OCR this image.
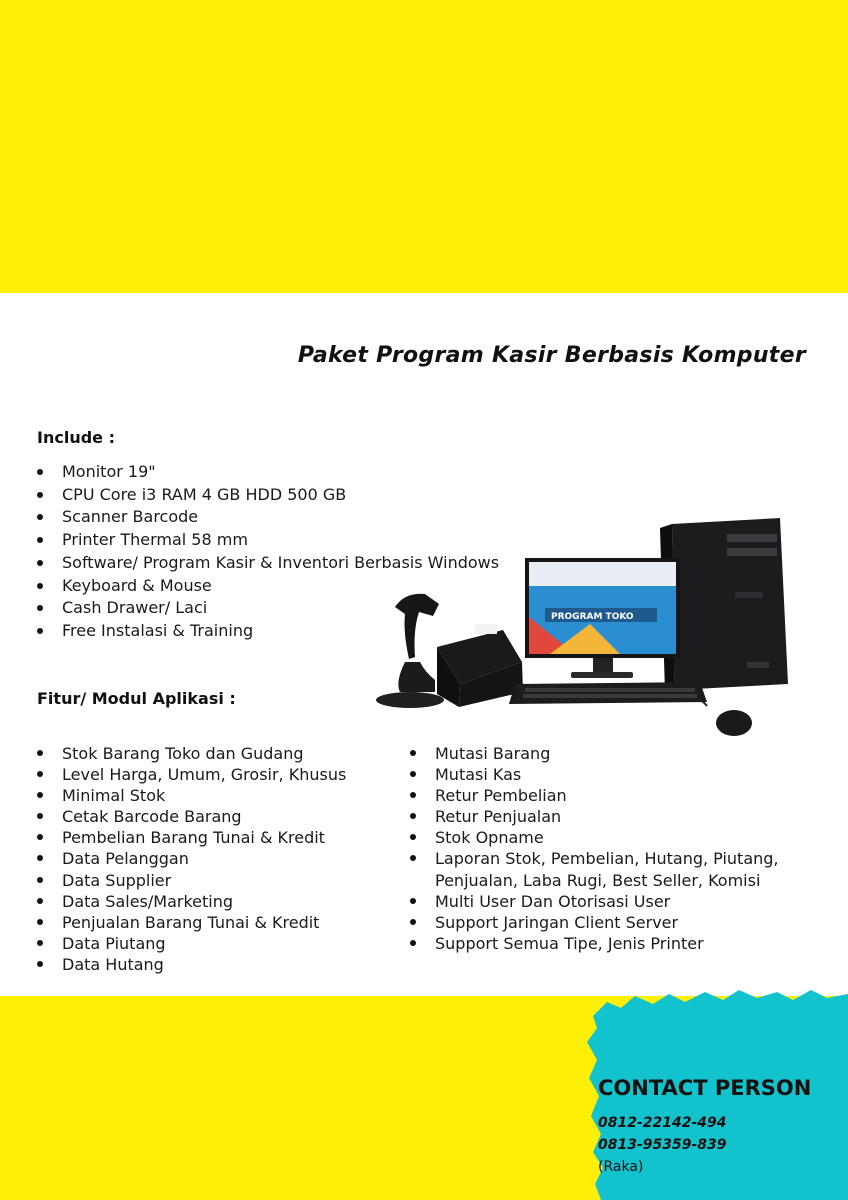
Paket Program Kasir Berbasis Komputer
Include :
Monitor 19"
CPU Core i3 RAM 4 GB HDD 500 GB
Scanner Barcode
Printer Thermal 58 mm
Software/ Program Kasir & Inventori Berbasis Windows
Keyboard & Mouse
Cash Drawer/ Laci
Free Instalasi & Training
Fitur/ Modul Aplikasi :
Stok Barang Toko dan Gudang
Level Harga, Umum, Grosir, Khusus
Minimal Stok
Cetak Barcode Barang
Pembelian Barang Tunai & Kredit
Data Pelanggan
Data Supplier
Data Sales/Marketing
Penjualan Barang Tunai & Kredit
Data Piutang
Data Hutang
Mutasi Barang
Mutasi Kas
Retur Pembelian
Retur Penjualan
Stok Opname
Laporan Stok, Pembelian, Hutang, Piutang, Penjualan, Laba Rugi, Best Seller, Komisi
Multi User Dan Otorisasi User
Support Jaringan Client Server
Support Semua Tipe, Jenis Printer
PROGRAM TOKO

CONTACT PERSON

0812-22142-494

0813-95359-839

(Raka)
